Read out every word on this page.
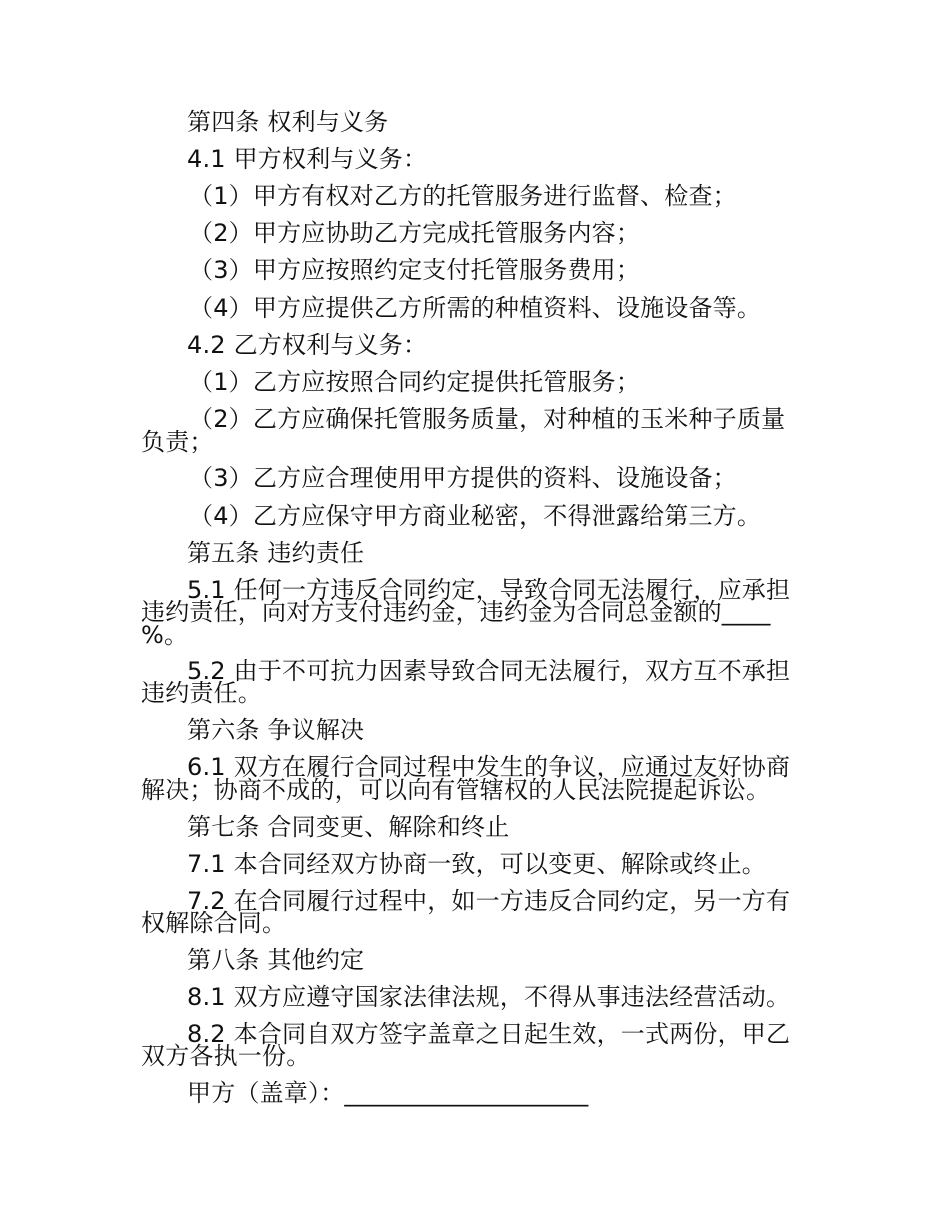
第四条 权利与义务

4.1 甲方权利与义务：

（1）甲方有权对乙方的托管服务进行监督、检查；

（2）甲方应协助乙方完成托管服务内容；

（3）甲方应按照约定支付托管服务费用；

（4）甲方应提供乙方所需的种植资料、设施设备等。

4.2 乙方权利与义务：

（1）乙方应按照合同约定提供托管服务；

（2）乙方应确保托管服务质量，对种植的玉米种子质量

负责；

（3）乙方应合理使用甲方提供的资料、设施设备；

（4）乙方应保守甲方商业秘密，不得泄露给第三方。

第五条 违约责任

5.1 任何一方违反合同约定，导致合同无法履行，应承担

违约责任，向对方支付违约金，违约金为合同总金额的____

%。

5.2 由于不可抗力因素导致合同无法履行，双方互不承担

违约责任。

第六条 争议解决

6.1 双方在履行合同过程中发生的争议，应通过友好协商

解决；协商不成的，可以向有管辖权的人民法院提起诉讼。

第七条 合同变更、解除和终止

7.1 本合同经双方协商一致，可以变更、解除或终止。

7.2 在合同履行过程中，如一方违反合同约定，另一方有

权解除合同。

第八条 其他约定

8.1 双方应遵守国家法律法规，不得从事违法经营活动。

8.2 本合同自双方签字盖章之日起生效，一式两份，甲乙

双方各执一份。

甲方（盖章）：____________________
